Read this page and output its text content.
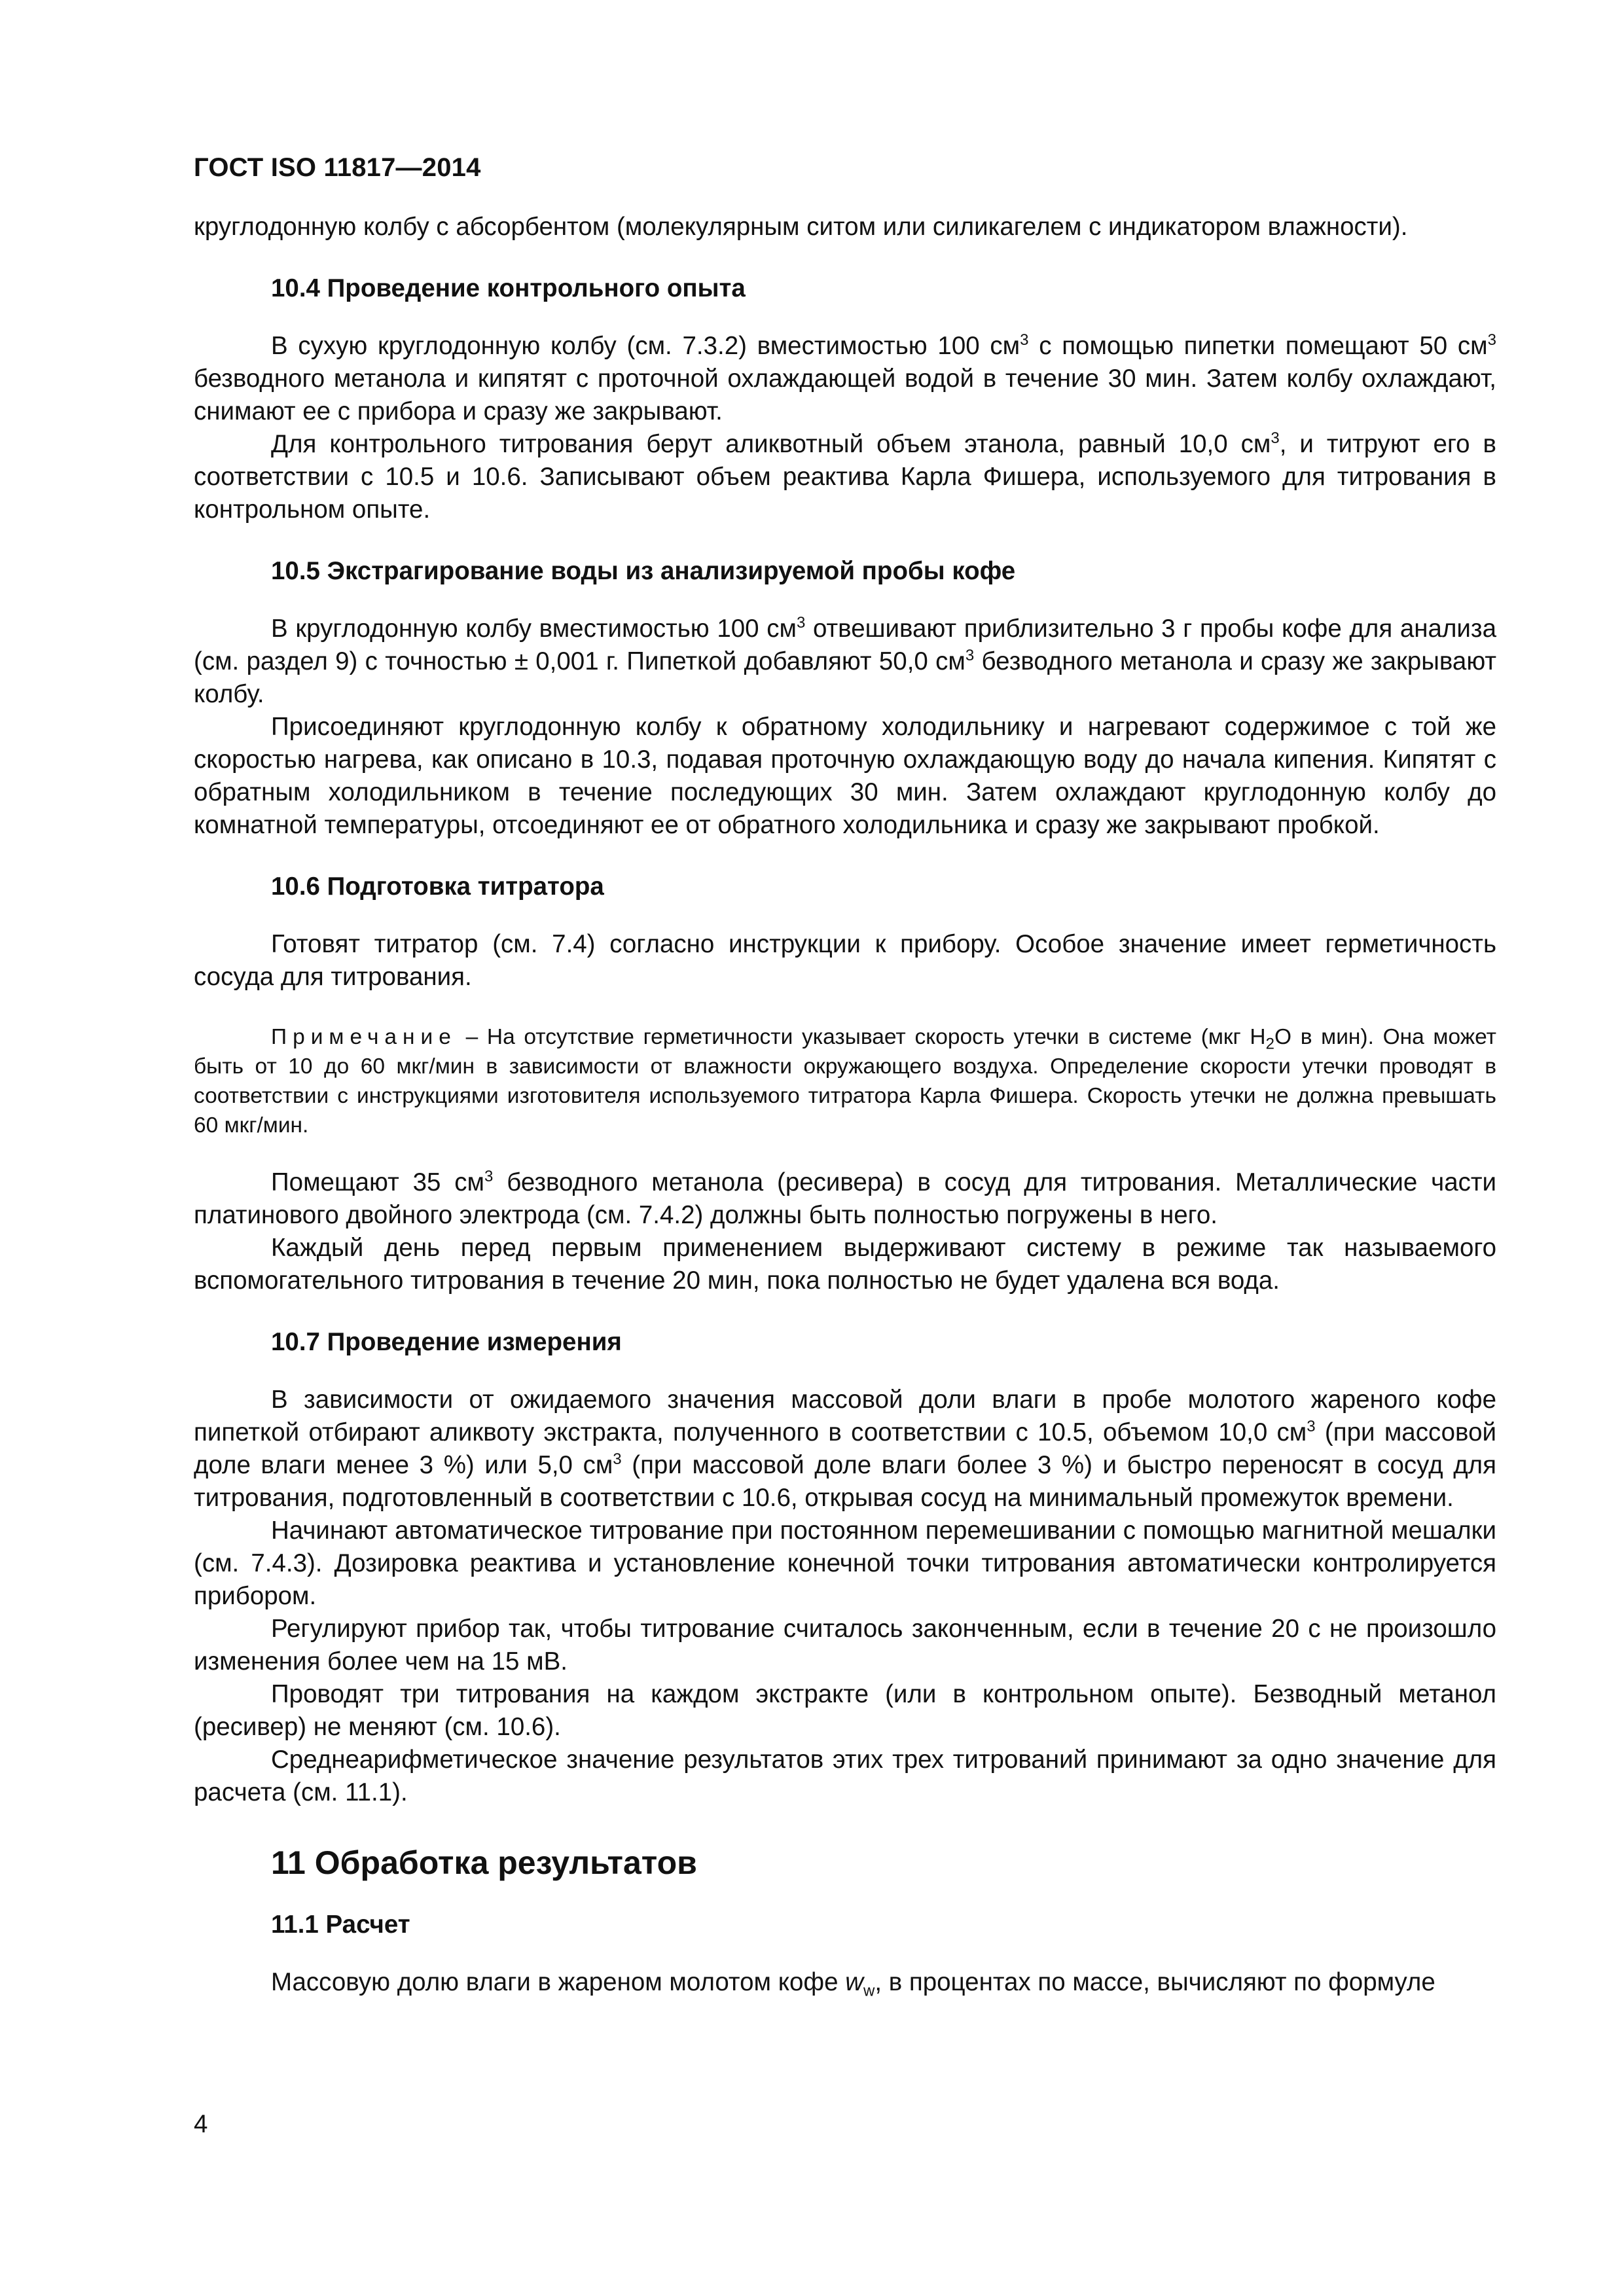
ГОСТ ISO 11817—2014

круглодонную колбу с абсорбентом (молекулярным ситом или силикагелем с индикатором влажности).

10.4 Проведение контрольного опыта

В сухую круглодонную колбу (см. 7.3.2) вместимостью 100 $см^3$ с помощью пипетки помещают 50 $см^3$ безводного метанола и кипятят с проточной охлаждающей водой в течение 30 мин. Затем колбу охлаждают, снимают ее с прибора и сразу же закрывают.

Для контрольного титрования берут аликвотный объем этанола, равный 10,0 $см^3$, и титруют его в соответствии с 10.5 и 10.6. Записывают объем реактива Карла Фишера, используемого для титрования в контрольном опыте.

10.5 Экстрагирование воды из анализируемой пробы кофе

В круглодонную колбу вместимостью 100 $см^3$ отвешивают приблизительно 3 г пробы кофе для анализа (см. раздел 9) с точностью ± 0,001 г. Пипеткой добавляют 50,0 $см^3$ безводного метанола и сразу же закрывают колбу.

Присоединяют круглодонную колбу к обратному холодильнику и нагревают содержимое с той же скоростью нагрева, как описано в 10.3, подавая проточную охлаждающую воду до начала кипения. Кипятят с обратным холодильником в течение последующих 30 мин. Затем охлаждают круглодонную колбу до комнатной температуры, отсоединяют ее от обратного холодильника и сразу же закрывают пробкой.

10.6 Подготовка титратора

Готовят титратор (см. 7.4) согласно инструкции к прибору. Особое значение имеет герметичность сосуда для титрования.

Примечание – На отсутствие герметичности указывает скорость утечки в системе (мкг $H_2O$ в мин). Она может быть от 10 до 60 мкг/мин в зависимости от влажности окружающего воздуха. Определение скорости утечки проводят в соответствии с инструкциями изготовителя используемого титратора Карла Фишера. Скорость утечки не должна превышать 60 мкг/мин.

Помещают 35 $см^3$ безводного метанола (ресивера) в сосуд для титрования. Металлические части платинового двойного электрода (см. 7.4.2) должны быть полностью погружены в него.

Каждый день перед первым применением выдерживают систему в режиме так называемого вспомогательного титрования в течение 20 мин, пока полностью не будет удалена вся вода.

10.7 Проведение измерения

В зависимости от ожидаемого значения массовой доли влаги в пробе молотого жареного кофе пипеткой отбирают аликвоту экстракта, полученного в соответствии с 10.5, объемом 10,0 $см^3$ (при массовой доле влаги менее 3 %) или 5,0 $см^3$ (при массовой доле влаги более 3 %) и быстро переносят в сосуд для титрования, подготовленный в соответствии с 10.6, открывая сосуд на минимальный промежуток времени.

Начинают автоматическое титрование при постоянном перемешивании с помощью магнитной мешалки (см. 7.4.3). Дозировка реактива и установление конечной точки титрования автоматически контролируется прибором.

Регулируют прибор так, чтобы титрование считалось законченным, если в течение 20 с не произошло изменения более чем на 15 мВ.

Проводят три титрования на каждом экстракте (или в контрольном опыте). Безводный метанол (ресивер) не меняют (см. 10.6).

Среднеарифметическое значение результатов этих трех титрований принимают за одно значение для расчета (см. 11.1).

11 Обработка результатов
11.1 Расчет

Массовую долю влаги в жареном молотом кофе $w_w$, в процентах по массе, вычисляют по формуле

4
